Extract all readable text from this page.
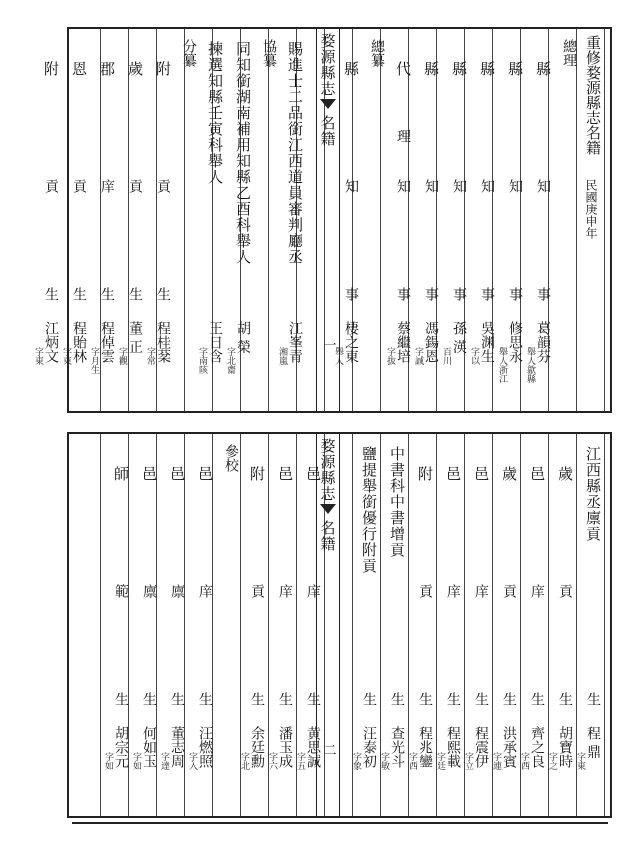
重修婺源縣志名籍
民國庚申年
婺源縣志
名籍
一
總理
縣
知
事
葛韻芬
舉人歙縣
縣
知
事
修思永
舉人浙江
縣
知
事
吳渊生
字以
縣
知
事
孫 渶
百川
縣
知
事
馮鍚恩
字誠
代
理
知
事
蔡繼培
字抜
總纂
縣
知
事
棲之東
舉人
賜進士二品銜江西道員審判廳丞
江峯青
湘嵐
協纂
同知銜湖南補用知縣乙酉科舉人
胡 榮
字北齋
揀選知縣壬寅科舉人
王日含
字南陔
分纂
附
貢
生
程桂棻
字常
歲
貢
生
董 正
字觀
郡
庠
生
程倬雲
字月生
恩
貢
生
程貽林
字東
附
貢
生
江炳文
字東
婺源縣志
名籍
二
江西縣丞廪貢
生
程 鼎
字東
歲
貢
生
胡寶時
字之
邑
庠
生
齊之良
字西
歲
貢
生
洪承賓
字連
邑
庠
生
程震伊
字立
邑
庠
生
程熙載
字廷
附
貢
生
程兆鑾
字西
中書科中書增貢
生
查光斗
字敏
鹽提舉銜優行附貢
生
汪泰初
字象
邑
庠
生
黄思誠
字五
邑
庠
生
潘玉成
字六
附
貢
生
余廷勳
字北
參校
邑
庠
生
汪燃照
字入
邑
廪
生
董志周
字達
邑
廪
生
何如玉
字如
師
範
生
胡宗元
字如
